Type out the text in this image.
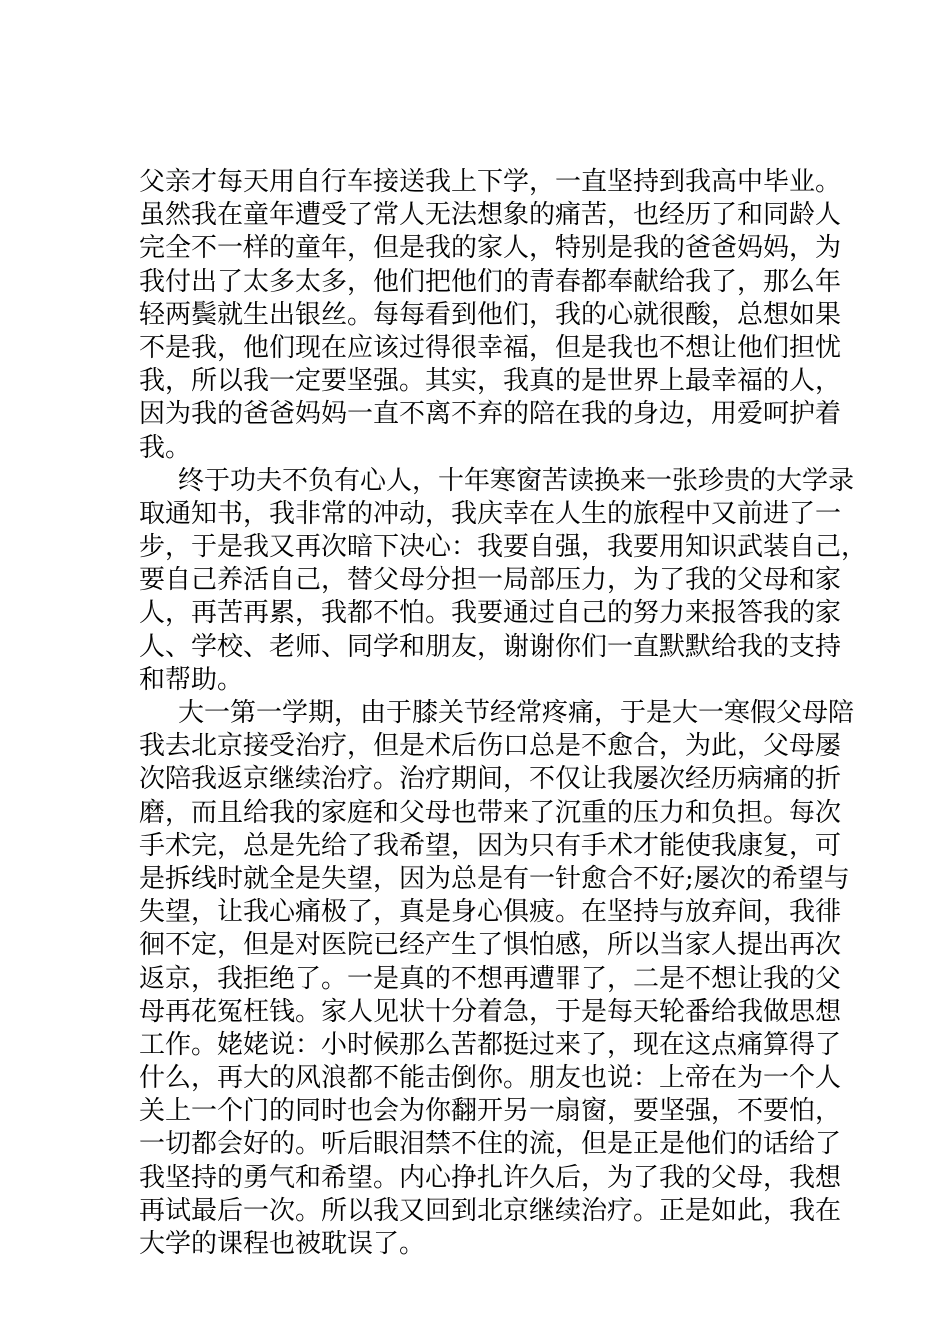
父亲才每天用自行车接送我上下学，一直坚持到我高中毕业。
虽然我在童年遭受了常人无法想象的痛苦，也经历了和同龄人
完全不一样的童年，但是我的家人，特别是我的爸爸妈妈，为
我付出了太多太多，他们把他们的青春都奉献给我了，那么年
轻两鬓就生出银丝。每每看到他们，我的心就很酸，总想如果
不是我，他们现在应该过得很幸福，但是我也不想让他们担忧
我，所以我一定要坚强。其实，我真的是世界上最幸福的人，
因为我的爸爸妈妈一直不离不弃的陪在我的身边，用爱呵护着
我。
终于功夫不负有心人，十年寒窗苦读换来一张珍贵的大学录
取通知书，我非常的冲动，我庆幸在人生的旅程中又前进了一
步，于是我又再次暗下决心：我要自强，我要用知识武装自己，
要自己养活自己，替父母分担一局部压力，为了我的父母和家
人，再苦再累，我都不怕。我要通过自己的努力来报答我的家
人、学校、老师、同学和朋友，谢谢你们一直默默给我的支持
和帮助。
大一第一学期，由于膝关节经常疼痛，于是大一寒假父母陪
我去北京接受治疗，但是术后伤口总是不愈合，为此，父母屡
次陪我返京继续治疗。治疗期间，不仅让我屡次经历病痛的折
磨，而且给我的家庭和父母也带来了沉重的压力和负担。每次
手术完，总是先给了我希望，因为只有手术才能使我康复，可
是拆线时就全是失望，因为总是有一针愈合不好;屡次的希望与
失望，让我心痛极了，真是身心俱疲。在坚持与放弃间，我徘
徊不定，但是对医院已经产生了惧怕感，所以当家人提出再次
返京，我拒绝了。一是真的不想再遭罪了，二是不想让我的父
母再花冤枉钱。家人见状十分着急，于是每天轮番给我做思想
工作。姥姥说：小时候那么苦都挺过来了，现在这点痛算得了
什么，再大的风浪都不能击倒你。朋友也说：上帝在为一个人
关上一个门的同时也会为你翻开另一扇窗，要坚强，不要怕，
一切都会好的。听后眼泪禁不住的流，但是正是他们的话给了
我坚持的勇气和希望。内心挣扎许久后，为了我的父母，我想
再试最后一次。所以我又回到北京继续治疗。正是如此，我在
大学的课程也被耽误了。
